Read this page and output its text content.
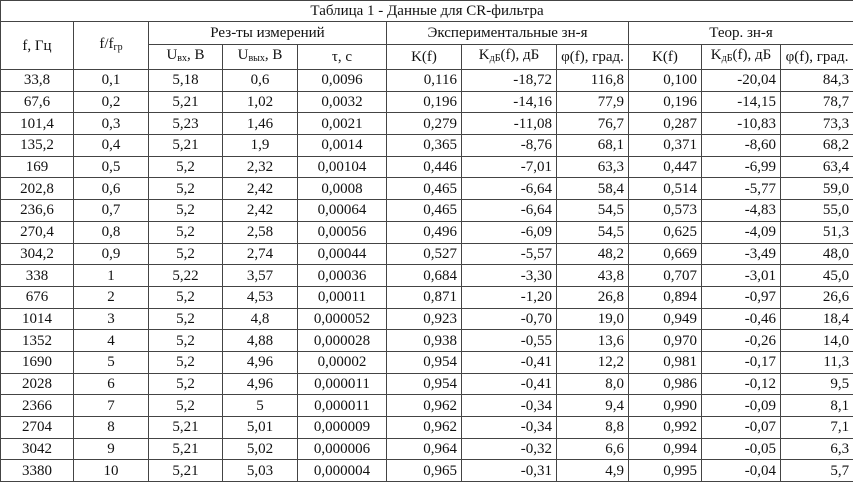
Таблица 1 - Данные для CR-фильтра										
f, Гц	$f/f_{гр}$	Рез-ты измерений			Экспериментальные зн-я			Теор. зн-я		
		$U_{вх}$, В	$U_{вых}$, В	τ, с	K(f)	$K_{дБ}(f)$, дБ	φ(f), град.	K(f)	$K_{дБ}(f)$, дБ	φ(f), град.
33,8	0,1	5,18	0,6	0,0096	0,116	-18,72	116,8	0,100	-20,04	84,3
67,6	0,2	5,21	1,02	0,0032	0,196	-14,16	77,9	0,196	-14,15	78,7
101,4	0,3	5,23	1,46	0,0021	0,279	-11,08	76,7	0,287	-10,83	73,3
135,2	0,4	5,21	1,9	0,0014	0,365	-8,76	68,1	0,371	-8,60	68,2
169	0,5	5,2	2,32	0,00104	0,446	-7,01	63,3	0,447	-6,99	63,4
202,8	0,6	5,2	2,42	0,0008	0,465	-6,64	58,4	0,514	-5,77	59,0
236,6	0,7	5,2	2,42	0,00064	0,465	-6,64	54,5	0,573	-4,83	55,0
270,4	0,8	5,2	2,58	0,00056	0,496	-6,09	54,5	0,625	-4,09	51,3
304,2	0,9	5,2	2,74	0,00044	0,527	-5,57	48,2	0,669	-3,49	48,0
338	1	5,22	3,57	0,00036	0,684	-3,30	43,8	0,707	-3,01	45,0
676	2	5,2	4,53	0,00011	0,871	-1,20	26,8	0,894	-0,97	26,6
1014	3	5,2	4,8	0,000052	0,923	-0,70	19,0	0,949	-0,46	18,4
1352	4	5,2	4,88	0,000028	0,938	-0,55	13,6	0,970	-0,26	14,0
1690	5	5,2	4,96	0,00002	0,954	-0,41	12,2	0,981	-0,17	11,3
2028	6	5,2	4,96	0,000011	0,954	-0,41	8,0	0,986	-0,12	9,5
2366	7	5,2	5	0,000011	0,962	-0,34	9,4	0,990	-0,09	8,1
2704	8	5,21	5,01	0,000009	0,962	-0,34	8,8	0,992	-0,07	7,1
3042	9	5,21	5,02	0,000006	0,964	-0,32	6,6	0,994	-0,05	6,3
3380	10	5,21	5,03	0,000004	0,965	-0,31	4,9	0,995	-0,04	5,7
